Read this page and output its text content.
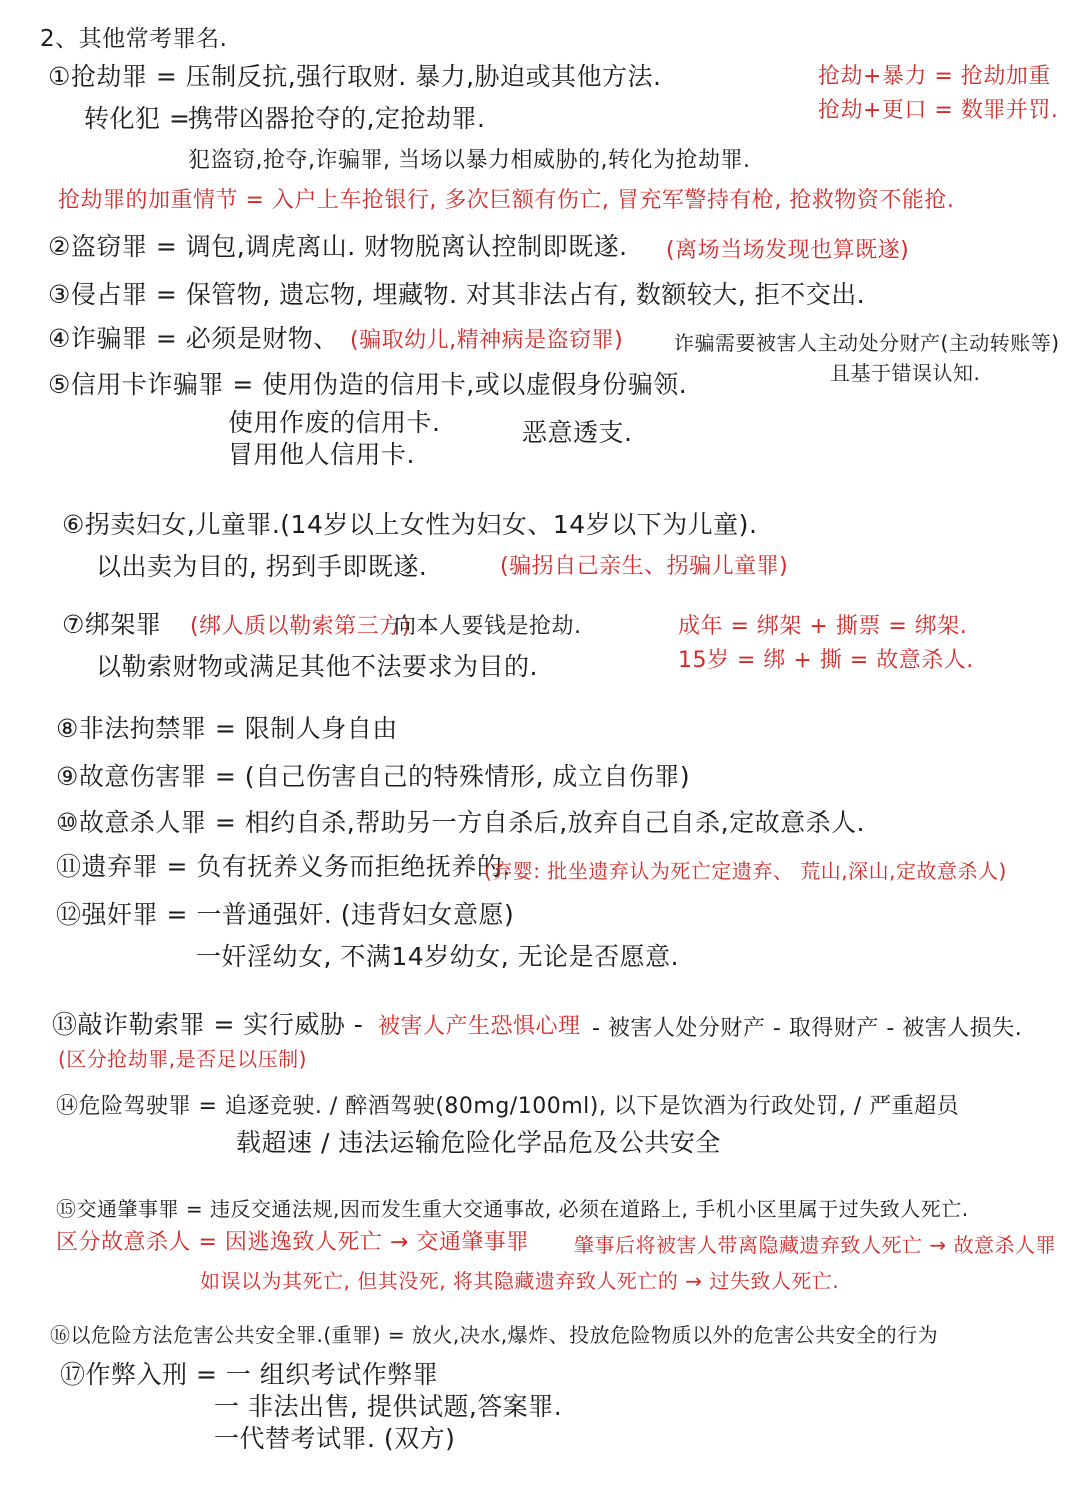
2、其他常考罪名.
抢劫+暴力 = 抢劫加重
抢劫+更口 = 数罪并罚.
①抢劫罪 = 压制反抗,强行取财. 暴力,胁迫或其他方法.
转化犯 =
携带凶器抢夺的,定抢劫罪.
犯盗窃,抢夺,诈骗罪, 当场以暴力相威胁的,转化为抢劫罪.
抢劫罪的加重情节 = 入户上车抢银行, 多次巨额有伤亡, 冒充军警持有枪, 抢救物资不能抢.
②盗窃罪 = 调包,调虎离山. 财物脱离认控制即既遂. (离场当场发现也算既遂)
③侵占罪 = 保管物, 遗忘物, 埋藏物. 对其非法占有, 数额较大, 拒不交出.
④诈骗罪 = 必须是财物、 (骗取幼儿,精神病是盗窃罪)	诈骗需要被害人主动处分财产(主动转账等)
且基于错误认知.
⑤信用卡诈骗罪 = 使用伪造的信用卡,或以虚假身份骗领.
使用作废的信用卡.
冒用他人信用卡.
恶意透支.
⑥拐卖妇女,儿童罪.(14岁以上女性为妇女、14岁以下为儿童).
以出卖为目的, 拐到手即既遂.	(骗拐自己亲生、拐骗儿童罪)
⑦绑架罪 (绑人质以勒索第三方)
向本人要钱是抢劫.
以勒索财物或满足其他不法要求为目的.
成年 = 绑架 + 撕票 = 绑架.
15岁 = 绑 + 撕 = 故意杀人.
⑧非法拘禁罪 = 限制人身自由
⑨故意伤害罪 = (自己伤害自己的特殊情形, 成立自伤罪)
⑩故意杀人罪 = 相约自杀,帮助另一方自杀后,放弃自己自杀,定故意杀人.
⑪遗弃罪 = 负有抚养义务而拒绝抚养的.
(弃婴: 批坐遗弃认为死亡定遗弃、 荒山,深山,定故意杀人)
⑫强奸罪 = 一普通强奸. (违背妇女意愿)
一奸淫幼女, 不满14岁幼女, 无论是否愿意.
⑬敲诈勒索罪 = 实行威胁 - 被害人产生恐惧心理 - 被害人处分财产 - 取得财产 - 被害人损失.
(区分抢劫罪,是否足以压制)
⑭危险驾驶罪 = 追逐竞驶. / 醉酒驾驶(80mg/100ml), 以下是饮酒为行政处罚, / 严重超员
载超速 / 违法运输危险化学品危及公共安全
⑮交通肇事罪 = 违反交通法规,因而发生重大交通事故, 必须在道路上, 手机小区里属于过失致人死亡.
区分故意杀人 = 因逃逸致人死亡 → 交通肇事罪 肇事后将被害人带离隐藏遗弃致人死亡 → 故意杀人罪
如误以为其死亡, 但其没死, 将其隐藏遗弃致人死亡的 → 过失致人死亡.
⑯以危险方法危害公共安全罪.(重罪) = 放火,决水,爆炸、投放危险物质以外的危害公共安全的行为
⑰作弊入刑 = 一 组织考试作弊罪
一 非法出售, 提供试题,答案罪.
一代替考试罪. (双方)
